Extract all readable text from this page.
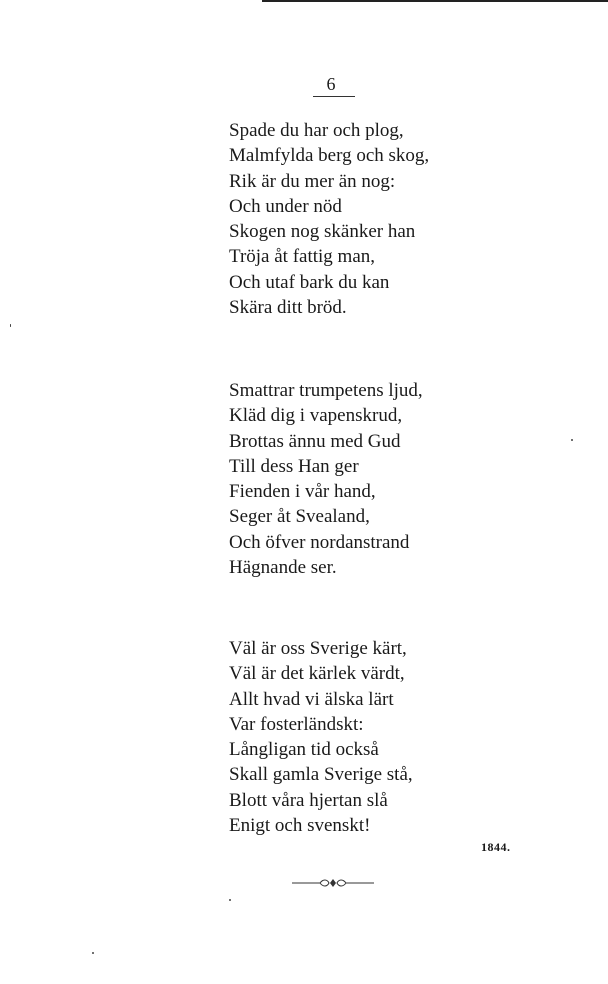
6
Spade du har och plog,
Malmfylda berg och skog,
Rik är du mer än nog:
Och under nöd
Skogen nog skänker han
Tröja åt fattig man,
Och utaf bark du kan
Skära ditt bröd.
Smattrar trumpetens ljud,
Kläd dig i vapenskrud,
Brottas ännu med Gud
Till dess Han ger
Fienden i vår hand,
Seger åt Svealand,
Och öfver nordanstrand
Hägnande ser.
Väl är oss Sverige kärt,
Väl är det kärlek värdt,
Allt hvad vi älska lärt
Var fosterländskt:
Långligan tid också
Skall gamla Sverige stå,
Blott våra hjertan slå
Enigt och svenskt!
1844.
